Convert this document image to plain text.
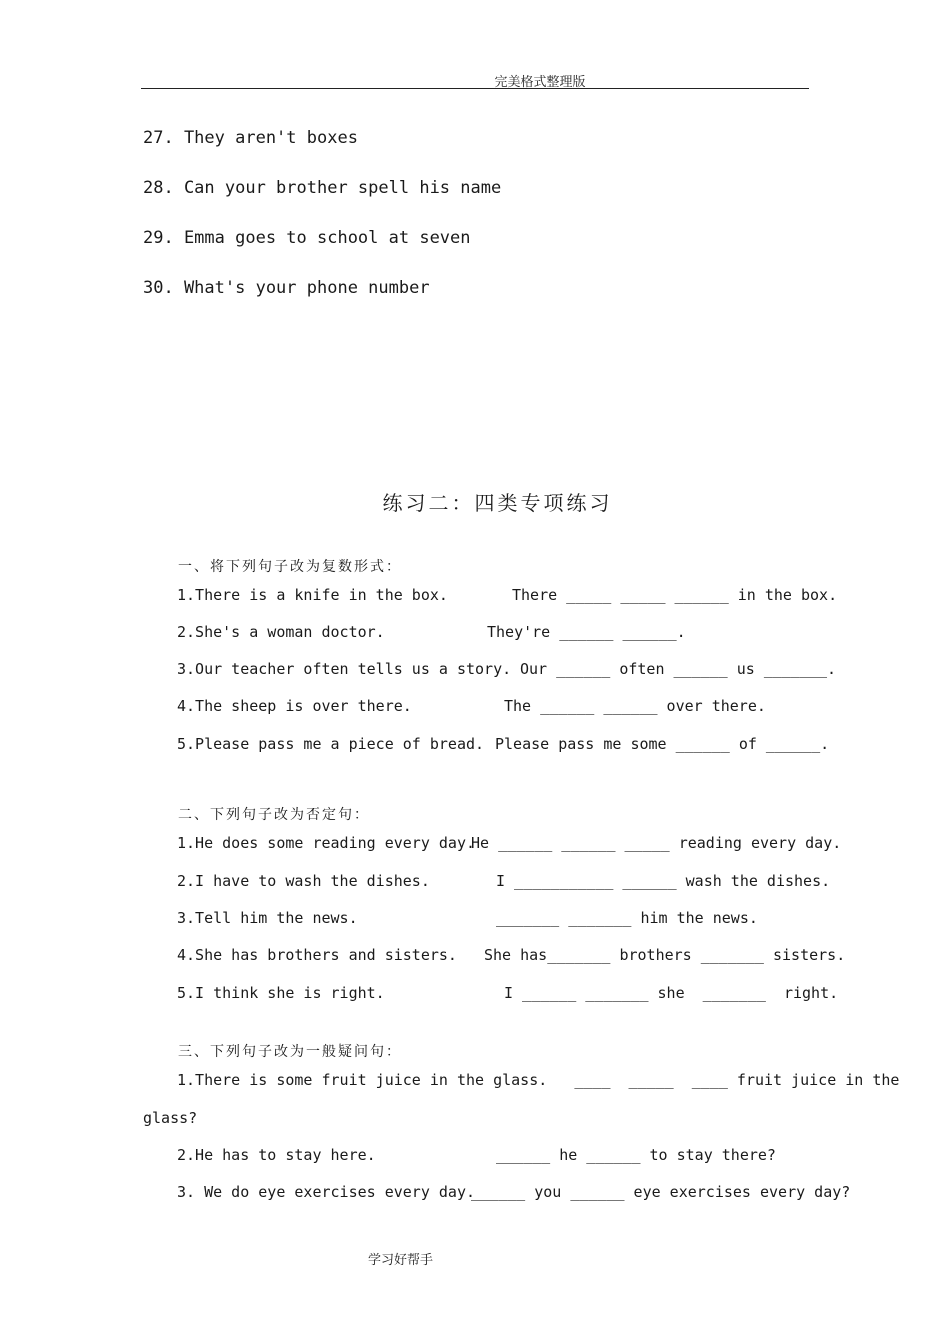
完美格式整理版
27. They aren't boxes
28. Can your brother spell his name
29. Emma goes to school at seven
30. What's your phone number
练习二：四类专项练习
一、将下列句子改为复数形式：
1.There is a knife in the box.	There _____ _____ ______ in the box.
2.She's a woman doctor.	They're ______ ______.
3.Our teacher often tells us a story. Our ______ often ______ us _______.
4.The sheep is over there.	The ______ ______ over there.
5.Please pass me a piece of bread. Please pass me some ______ of ______.
二、下列句子改为否定句：
1.He does some reading every day.
He ______ ______ _____ reading every day.
2.I have to wash the dishes.	I ___________ ______ wash the dishes.
3.Tell him the news.	_______ _______ him the news.
4.She has brothers and sisters. She has_______ brothers _______ sisters.
5.I think she is right.	I ______ _______ she  _______  right.
三、下列句子改为一般疑问句：
1.There is some fruit juice in the glass.   ____  _____  ____ fruit juice in the
glass?
2.He has to stay here.	______ he ______ to stay there?
3. We do eye exercises every day.
______ you ______ eye exercises every day?
学习好帮手
